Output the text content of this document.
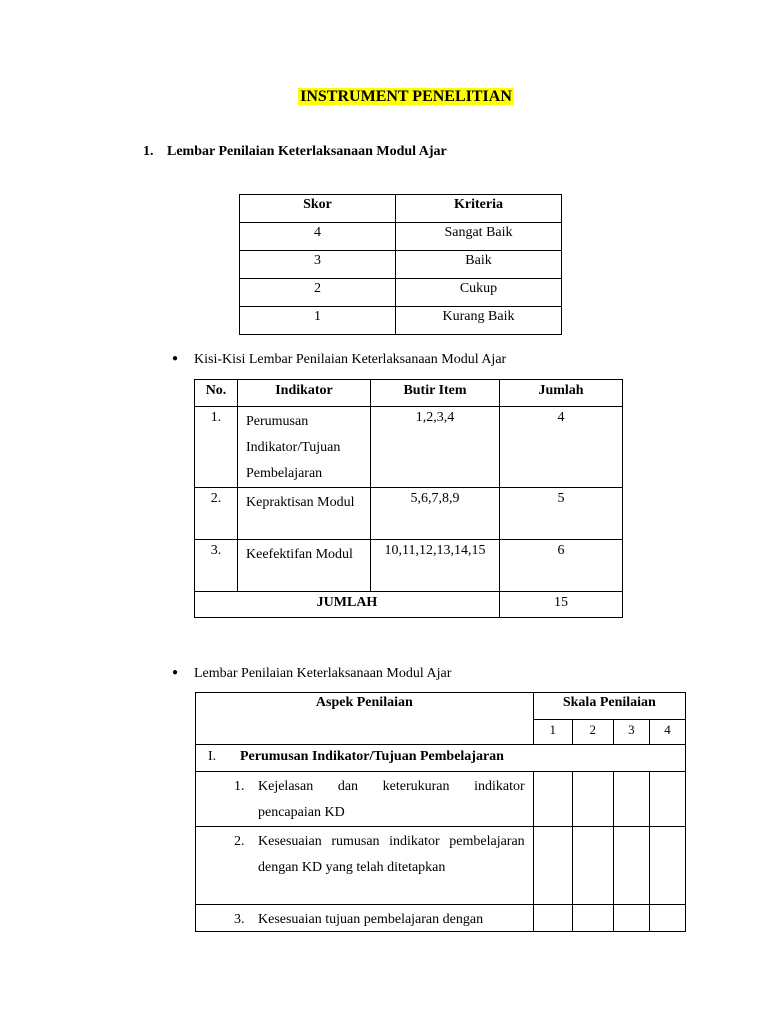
INSTRUMENT PENELITIAN
1. Lembar Penilaian Keterlaksanaan Modul Ajar
Skor	Kriteria
4	Sangat Baik
3	Baik
2	Cukup
1	Kurang Baik
● Kisi-Kisi Lembar Penilaian Keterlaksanaan Modul Ajar
No.	Indikator	Butir Item	Jumlah
1.	Perumusan Indikator/Tujuan Pembelajaran	1,2,3,4	4
2.	Kepraktisan Modul	5,6,7,8,9	5
3.	Keefektifan Modul	10,11,12,13,14,15	6
JUMLAH			15
● Lembar Penilaian Keterlaksanaan Modul Ajar
Aspek Penilaian	Skala Penilaian			
	1	2	3	4
I. Perumusan Indikator/Tujuan Pembelajaran				

1. Kejelasan dan keterukuran indikator pencapaian KD				

2. Kesesuaian rumusan indikator pembelajaran dengan KD yang telah ditetapkan				

3. Kesesuaian tujuan pembelajaran dengan				
